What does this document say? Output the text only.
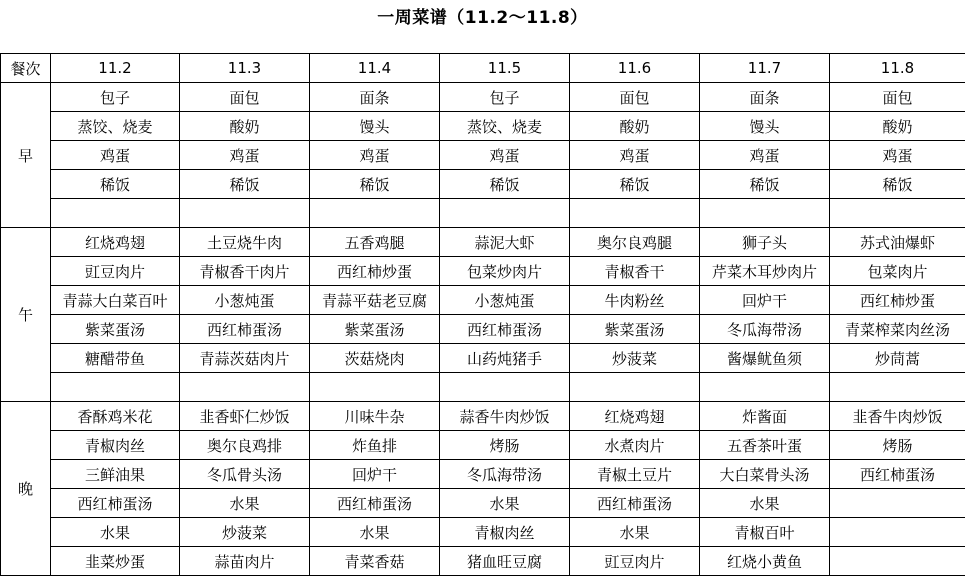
一周菜谱（11.2～11.8）

餐次	11.2	11.3	11.4	11.5	11.6	11.7	11.8
早	包子	面包	面条	包子	面包	面条	面包
	蒸饺、烧麦	酸奶	馒头	蒸饺、烧麦	酸奶	馒头	酸奶
	鸡蛋	鸡蛋	鸡蛋	鸡蛋	鸡蛋	鸡蛋	鸡蛋
	稀饭	稀饭	稀饭	稀饭	稀饭	稀饭	稀饭

午	红烧鸡翅	土豆烧牛肉	五香鸡腿	蒜泥大虾	奥尔良鸡腿	狮子头	苏式油爆虾
	豇豆肉片	青椒香干肉片	西红柿炒蛋	包菜炒肉片	青椒香干	芹菜木耳炒肉片	包菜肉片
	青蒜大白菜百叶	小葱炖蛋	青蒜平菇老豆腐	小葱炖蛋	牛肉粉丝	回炉干	西红柿炒蛋
	紫菜蛋汤	西红柿蛋汤	紫菜蛋汤	西红柿蛋汤	紫菜蛋汤	冬瓜海带汤	青菜榨菜肉丝汤
	糖醋带鱼	青蒜茨菇肉片	茨菇烧肉	山药炖猪手	炒菠菜	酱爆鱿鱼须	炒茼蒿

晚	香酥鸡米花	韭香虾仁炒饭	川味牛杂	蒜香牛肉炒饭	红烧鸡翅	炸酱面	韭香牛肉炒饭
	青椒肉丝	奥尔良鸡排	炸鱼排	烤肠	水煮肉片	五香茶叶蛋	烤肠
	三鲜油果	冬瓜骨头汤	回炉干	冬瓜海带汤	青椒土豆片	大白菜骨头汤	西红柿蛋汤
	西红柿蛋汤	水果	西红柿蛋汤	水果	西红柿蛋汤	水果	
	水果	炒菠菜	水果	青椒肉丝	水果	青椒百叶	
	韭菜炒蛋	蒜苗肉片	青菜香菇	猪血旺豆腐	豇豆肉片	红烧小黄鱼	
